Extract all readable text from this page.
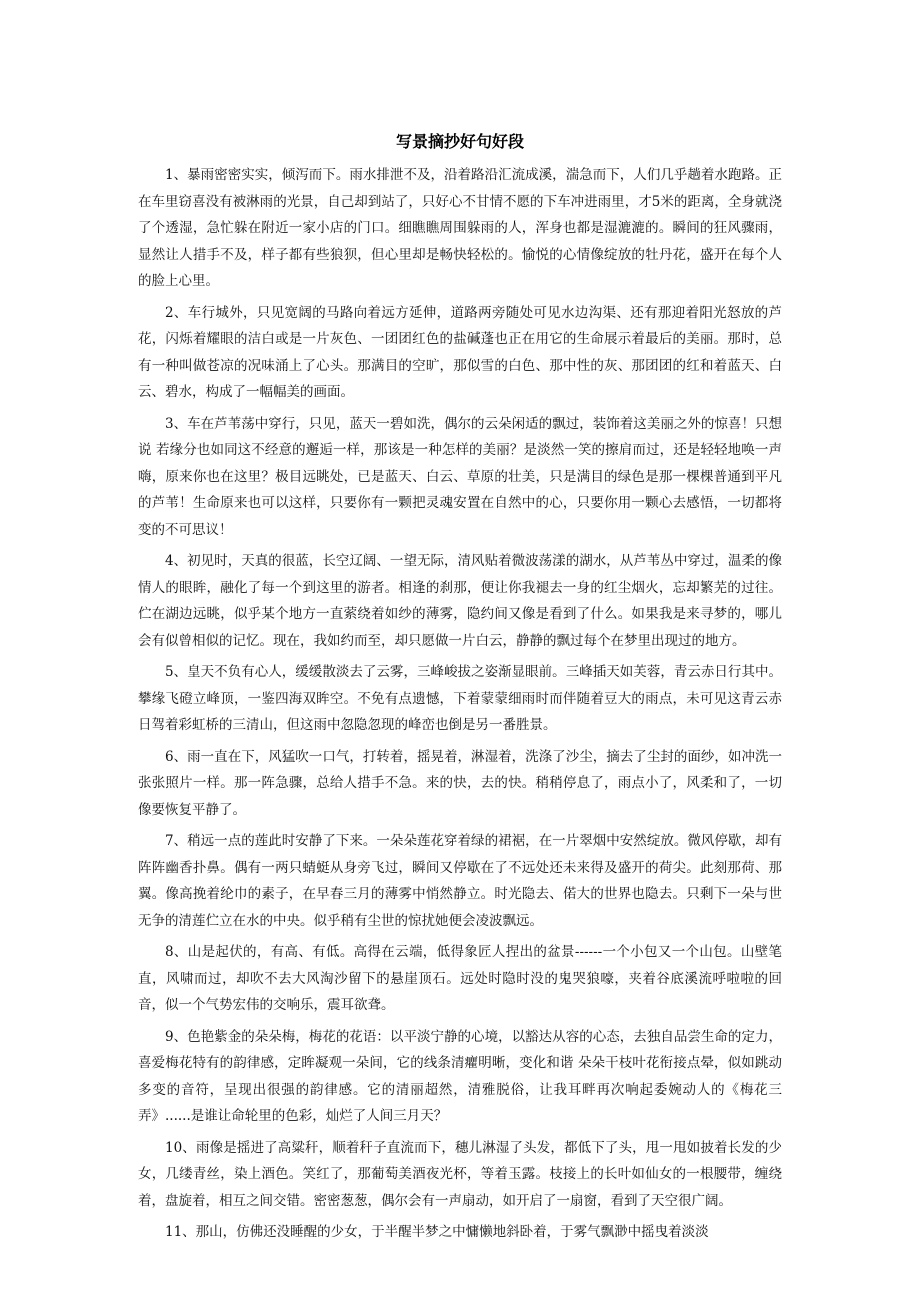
写景摘抄好句好段

1、暴雨密密实实，倾泻而下。雨水排泄不及，沿着路沿汇流成溪，湍急而下，人们几乎趟着水跑路。正在车里窃喜没有被淋雨的光景，自己却到站了，只好心不甘情不愿的下车冲进雨里，才5米的距离，全身就浇了个透湿，急忙躲在附近一家小店的门口。细瞧瞧周围躲雨的人，浑身也都是湿漉漉的。瞬间的狂风骤雨，显然让人措手不及，样子都有些狼狈，但心里却是畅快轻松的。愉悦的心情像绽放的牡丹花，盛开在每个人的脸上心里。

2、车行城外，只见宽阔的马路向着远方延伸，道路两旁随处可见水边沟渠、还有那迎着阳光怒放的芦花，闪烁着耀眼的洁白或是一片灰色、一团团红色的盐碱蓬也正在用它的生命展示着最后的美丽。那时，总有一种叫做苍凉的况味涌上了心头。那满目的空旷，那似雪的白色、那中性的灰、那团团的红和着蓝天、白云、碧水，构成了一幅幅美的画面。

3、车在芦苇荡中穿行，只见，蓝天一碧如洗，偶尔的云朵闲适的飘过，装饰着这美丽之外的惊喜！只想说 若缘分也如同这不经意的邂逅一样，那该是一种怎样的美丽？是淡然一笑的擦肩而过，还是轻轻地唤一声 嗨，原来你也在这里？极目远眺处，已是蓝天、白云、草原的壮美，只是满目的绿色是那一棵棵普通到平凡的芦苇！生命原来也可以这样，只要你有一颗把灵魂安置在自然中的心，只要你用一颗心去感悟，一切都将变的不可思议！

4、初见时，天真的很蓝，长空辽阔、一望无际，清风贴着微波荡漾的湖水，从芦苇丛中穿过，温柔的像情人的眼眸，融化了每一个到这里的游者。相逢的刹那，便让你我褪去一身的红尘烟火，忘却繁芜的过往。伫在湖边远眺，似乎某个地方一直萦绕着如纱的薄雾，隐约间又像是看到了什么。如果我是来寻梦的，哪儿会有似曾相似的记忆。现在，我如约而至，却只愿做一片白云，静静的飘过每个在梦里出现过的地方。

5、皇天不负有心人，缓缓散淡去了云雾，三峰峻拔之姿渐显眼前。三峰插天如芙蓉，青云赤日行其中。攀缘飞磴立峰顶，一鉴四海双眸空。不免有点遗憾，下着蒙蒙细雨时而伴随着豆大的雨点，未可见这青云赤日驾着彩虹桥的三清山，但这雨中忽隐忽现的峰峦也倒是另一番胜景。

6、雨一直在下，风猛吹一口气，打转着，摇晃着，淋湿着，洗涤了沙尘，摘去了尘封的面纱，如冲洗一张张照片一样。那一阵急骤，总给人措手不急。来的快，去的快。稍稍停息了，雨点小了，风柔和了，一切像要恢复平静了。

7、稍远一点的莲此时安静了下来。一朵朵莲花穿着绿的裙裾，在一片翠烟中安然绽放。微风停歇，却有阵阵幽香扑鼻。偶有一两只蜻蜓从身旁飞过，瞬间又停歇在了不远处还未来得及盛开的荷尖。此刻那荷、那翼。像高挽着纶巾的素子，在早春三月的薄雾中悄然静立。时光隐去、偌大的世界也隐去。只剩下一朵与世无争的清莲伫立在水的中央。似乎稍有尘世的惊扰她便会凌波飘远。

8、山是起伏的，有高、有低。高得在云端，低得象匠人捏出的盆景------一个小包又一个山包。山壁笔直，风啸而过，却吹不去大风淘沙留下的悬崖顶石。远处时隐时没的鬼哭狼嚎，夹着谷底溪流呼啦啦的回音，似一个气势宏伟的交响乐，震耳欲聋。

9、色艳紫金的朵朵梅，梅花的花语：以平淡宁静的心境，以豁达从容的心态，去独自品尝生命的定力，喜爱梅花特有的韵律感，定眸凝观一朵间，它的线条清癯明晰，变化和谐 朵朵干枝叶花衔接点晕，似如跳动多变的音符，呈现出很强的韵律感。它的清丽超然，清雅脱俗，让我耳畔再次响起委婉动人的《梅花三弄》......是谁让命轮里的色彩，灿烂了人间三月天？

10、雨像是摇进了高粱秆，顺着秆子直流而下，穗儿淋湿了头发，都低下了头，甩一甩如披着长发的少女，几缕青丝，染上酒色。笑红了，那葡萄美酒夜光杯，等着玉露。枝接上的长叶如仙女的一根腰带，缠绕着，盘旋着，相互之间交错。密密葱葱，偶尔会有一声扇动，如开启了一扇窗，看到了天空很广阔。

11、那山，仿佛还没睡醒的少女，于半醒半梦之中慵懒地斜卧着，于雾气飘渺中摇曳着淡淡
